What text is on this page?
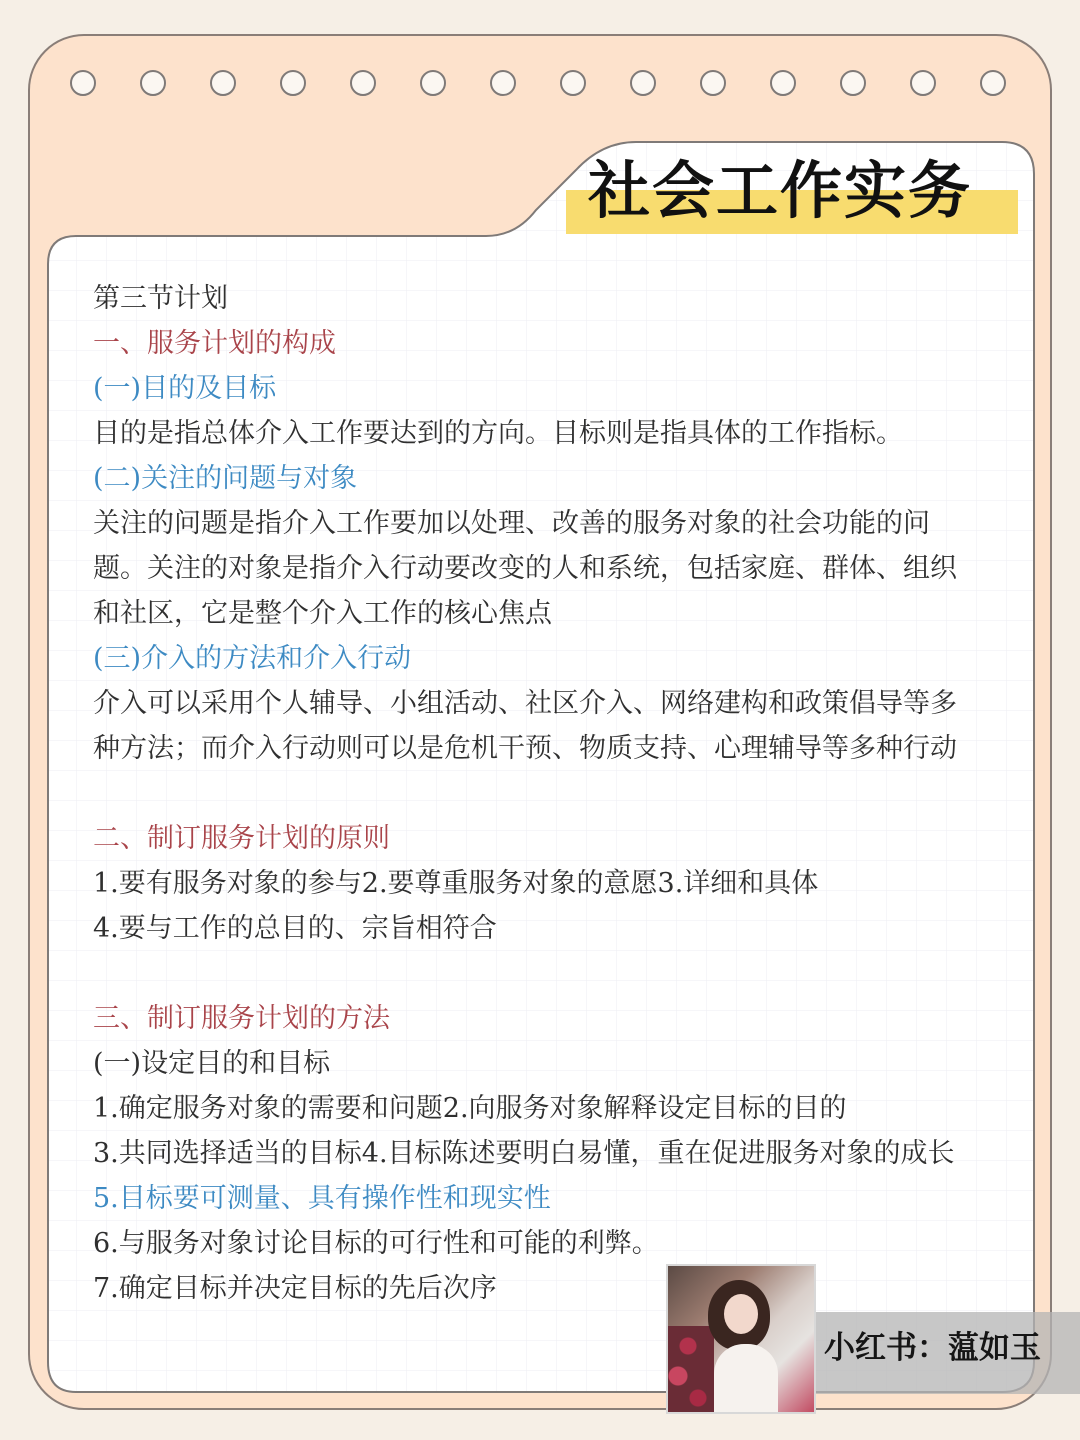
社会工作实务
第三节计划
一、服务计划的构成
(一)目的及目标
目的是指总体介入工作要达到的方向。目标则是指具体的工作指标。
(二)关注的问题与对象
关注的问题是指介入工作要加以处理、改善的服务对象的社会功能的问
题。关注的对象是指介入行动要改变的人和系统，包括家庭、群体、组织
和社区，它是整个介入工作的核心焦点
(三)介入的方法和介入行动
介入可以采用个人辅导、小组活动、社区介入、网络建构和政策倡导等多
种方法；而介入行动则可以是危机干预、物质支持、心理辅导等多种行动
二、制订服务计划的原则
1.要有服务对象的参与2.要尊重服务对象的意愿3.详细和具体
4.要与工作的总目的、宗旨相符合
三、制订服务计划的方法
(一)设定目的和目标
1.确定服务对象的需要和问题2.向服务对象解释设定目标的目的
3.共同选择适当的目标4.目标陈述要明白易懂，重在促进服务对象的成长
5.目标要可测量、具有操作性和现实性
6.与服务对象讨论目标的可行性和可能的利弊。
7.确定目标并决定目标的先后次序
小红书：蕰如玉
